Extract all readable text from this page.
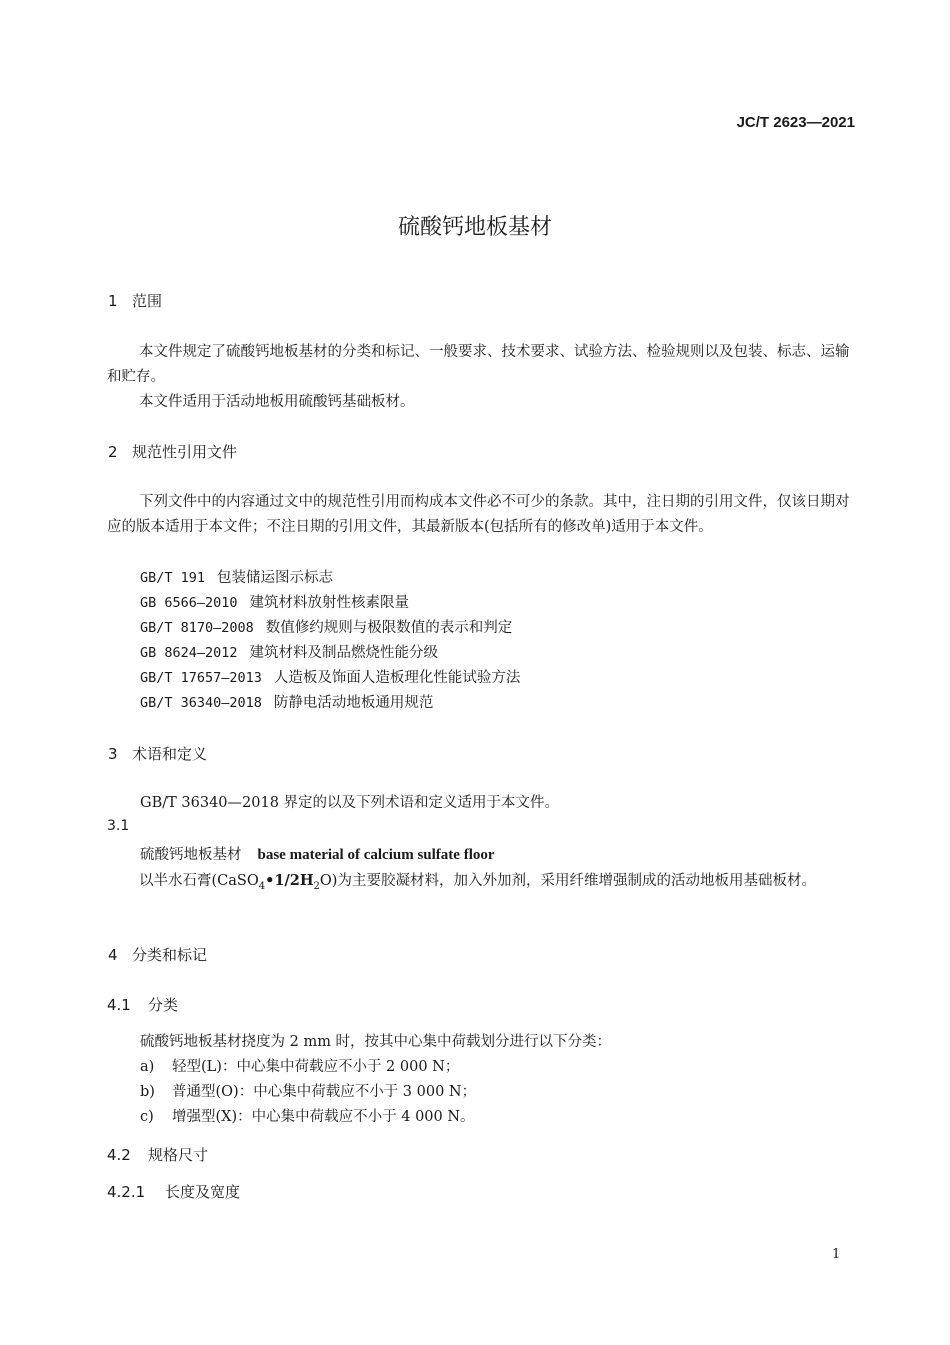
JC/T 2623—2021
硫酸钙地板基材
1 范围
本文件规定了硫酸钙地板基材的分类和标记、一般要求、技术要求、试验方法、检验规则以及包装、标志、运输和贮存。
本文件适用于活动地板用硫酸钙基础板材。
2 规范性引用文件
下列文件中的内容通过文中的规范性引用而构成本文件必不可少的条款。其中，注日期的引用文件，仅该日期对应的版本适用于本文件；不注日期的引用文件，其最新版本(包括所有的修改单)适用于本文件。
GB/T 191 包装储运图示标志
GB 6566—2010 建筑材料放射性核素限量
GB/T 8170—2008 数值修约规则与极限数值的表示和判定
GB 8624—2012 建筑材料及制品燃烧性能分级
GB/T 17657—2013 人造板及饰面人造板理化性能试验方法
GB/T 36340—2018 防静电活动地板通用规范
3 术语和定义
GB/T 36340—2018 界定的以及下列术语和定义适用于本文件。
3.1
硫酸钙地板基材 base material of calcium sulfate floor
以半水石膏$(CaSO_4•1/2H_2O)$为主要胶凝材料，加入外加剂，采用纤维增强制成的活动地板用基础板材。
4 分类和标记
4.1 分类
硫酸钙地板基材挠度为 2 mm 时，按其中心集中荷载划分进行以下分类：
a) 轻型(L)：中心集中荷载应不小于 2 000 N；
b) 普通型(O)：中心集中荷载应不小于 3 000 N；
c) 增强型(X)：中心集中荷载应不小于 4 000 N。
4.2 规格尺寸
4.2.1 长度及宽度
1
